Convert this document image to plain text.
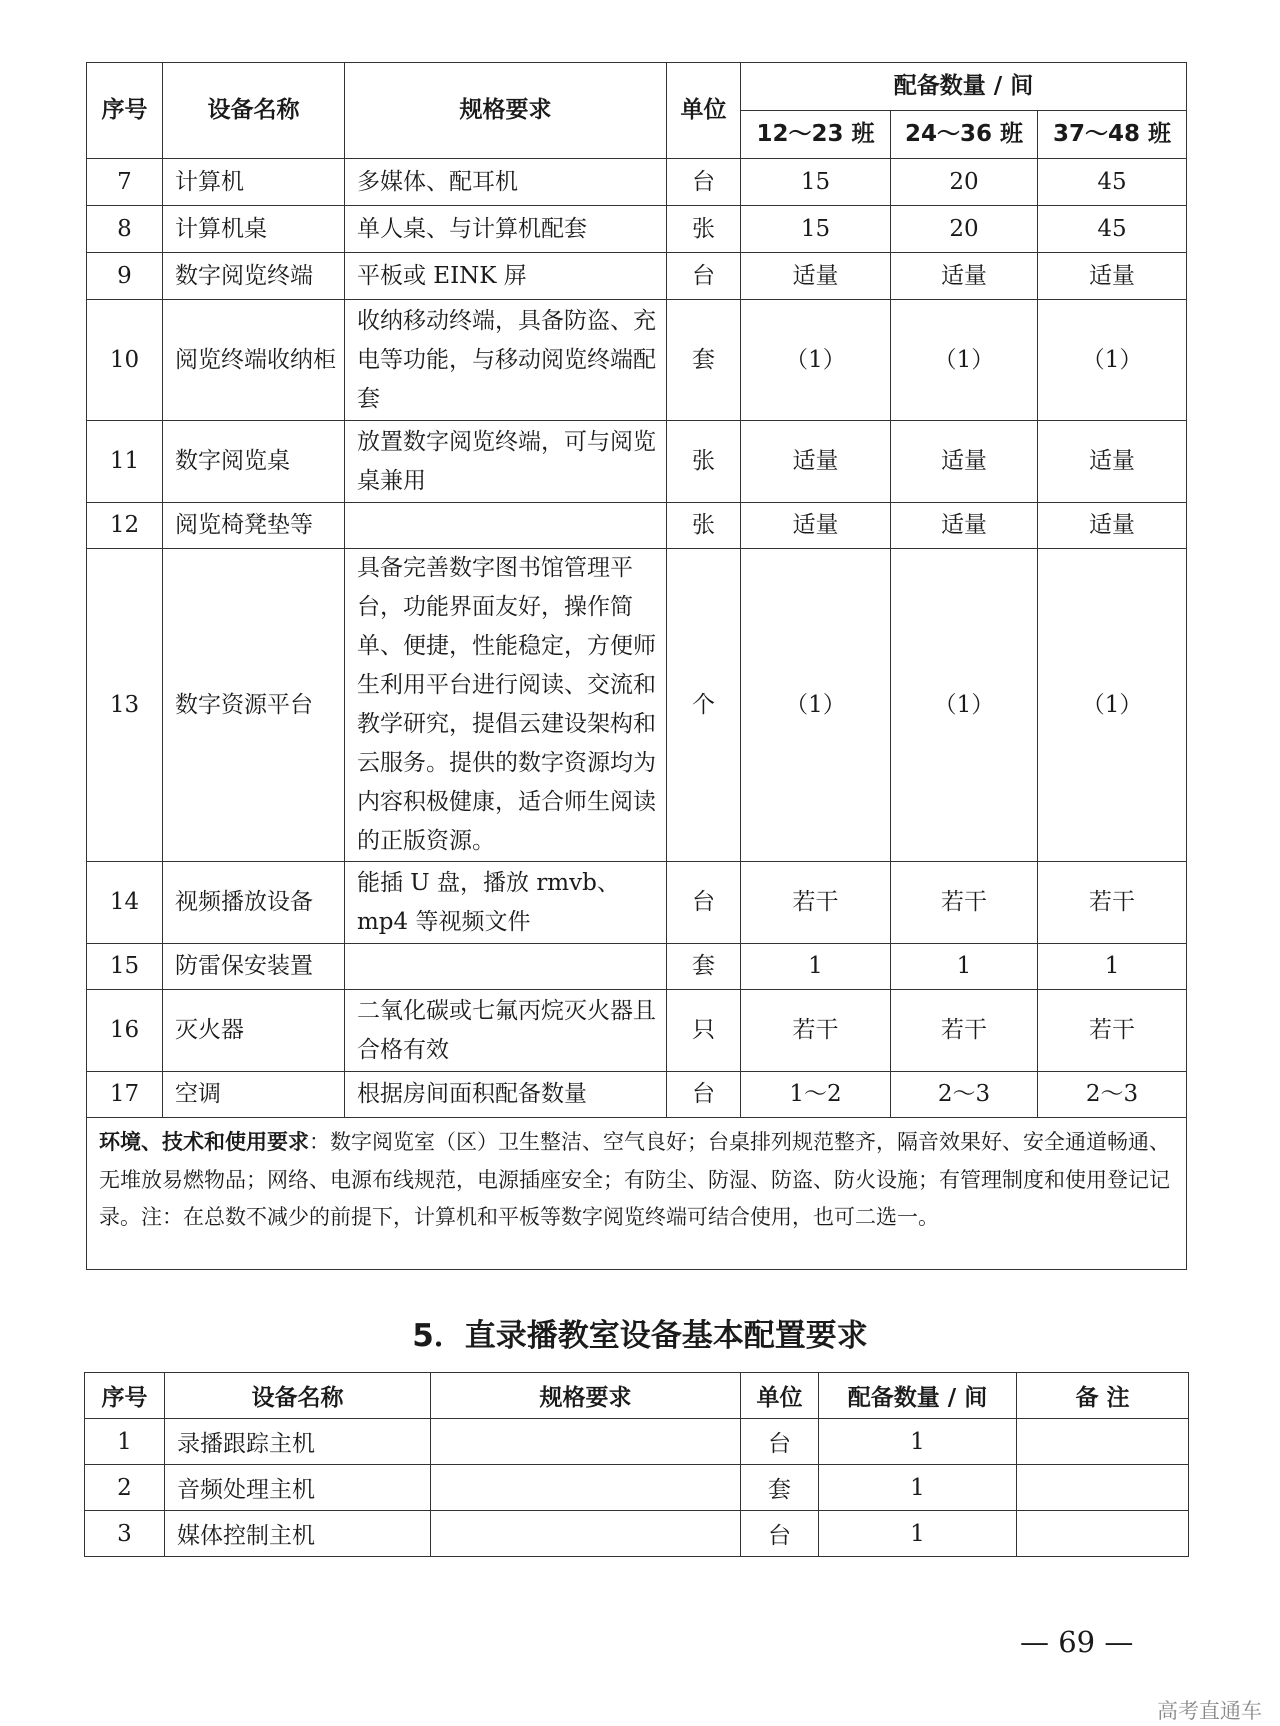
序号	设备名称	规格要求	单位	配备数量 / 间		
				12～23 班	24～36 班	37～48 班
7	计算机	多媒体、配耳机	台	15	20	45
8	计算机桌	单人桌、与计算机配套	张	15	20	45
9	数字阅览终端	平板或 EINK 屏	台	适量	适量	适量
10	阅览终端收纳柜	收纳移动终端，具备防盗、充电等功能，与移动阅览终端配套	套	（1）	（1）	（1）
11	数字阅览桌	放置数字阅览终端，可与阅览桌兼用	张	适量	适量	适量
12	阅览椅凳垫等		张	适量	适量	适量
13	数字资源平台	具备完善数字图书馆管理平台，功能界面友好，操作简单、便捷，性能稳定，方便师生利用平台进行阅读、交流和教学研究，提倡云建设架构和云服务。提供的数字资源均为内容积极健康，适合师生阅读的正版资源。	个	（1）	（1）	（1）
14	视频播放设备	能插 U 盘，播放 rmvb、mp4 等视频文件	台	若干	若干	若干
15	防雷保安装置		套	1	1	1
16	灭火器	二氧化碳或七氟丙烷灭火器且合格有效	只	若干	若干	若干
17	空调	根据房间面积配备数量	台	1～2	2～3	2～3
环境、技术和使用要求：数字阅览室（区）卫生整洁、空气良好；台桌排列规范整齐，隔音效果好、安全通道畅通、无堆放易燃物品；网络、电源布线规范，电源插座安全；有防尘、防湿、防盗、防火设施；有管理制度和使用登记记录。注：在总数不减少的前提下，计算机和平板等数字阅览终端可结合使用，也可二选一。						
5．直录播教室设备基本配置要求
序号	设备名称	规格要求	单位	配备数量 / 间	备 注
1	录播跟踪主机		台	1	
2	音频处理主机		套	1	
3	媒体控制主机		台	1	
— 69 —
高考直通车
